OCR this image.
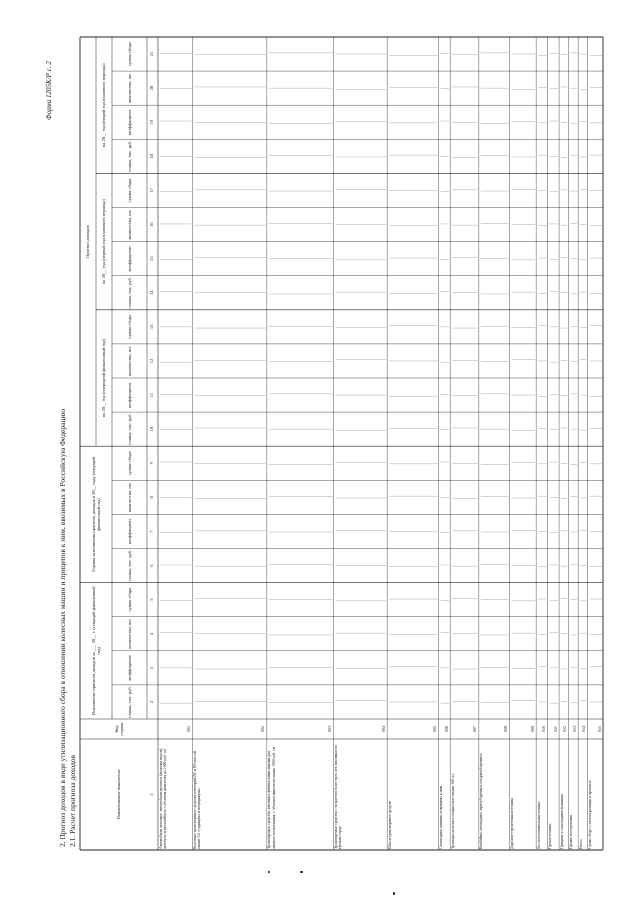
2. Прогноз доходов в виде утилизационного сбора в отношении колесных машин и прицепов к ним, ввозимых в Российскую Федерацию 2.1. Расчет прогноза доходов
Форма 1205К/Р с. 2
Наименование показателя
Код строки
Исполнение прогноза доходов за ___ 20__ г. (текущий финансовый год)
Оценка исполнения прогноза доходов в 20__ году (текущий финансовый год)
Прогноз доходов
на 20__ год (очередной финансовый год)
на 20__ год (первый год планового периода)
на 20__ год (второй год планового периода)
ставка, тыс. руб.
коэффициент
количество, шт.
сумма сбора
ставка, тыс. руб.
коэффициент
количество, шт.
сумма сбора
ставка, тыс. руб.
коэффициент
количество, шт.
сумма сбора
ставка, тыс. руб.
коэффициент
количество, шт.
сумма сбора
ставка, тыс. руб.
коэффициент
количество, шт.
сумма сбора
1
2
3
4
5
6
7
8
9
10
11
12
13
14
15
16
17
18
19
20
21
Автомобили легковые, автомобили грузовые (включая шасси), автобусы и троллейбусы с объемом двигателя до 1000 куб. см
001
Колесные транспортные средства категорий N2 и N3 массой свыше 3,5 т, прицепы и полуприцепы
002
Транспортные средства, ввозимые физическими лицами для личного пользования, с объемом двигателя свыше 1000 куб. см
003
Транспортные средства с возрастом более трех лет, ввозимые из третьих стран
004
Шасси транспортных средств
005
Самоходные машины и прицепы к ним
006
Тракторы колесные мощностью свыше 100 л.с.
007
Комбайны самоходные зерноуборочные и кормоуборочные
008
Дорожно-строительная техника
009
Лесозаготовительная техника
010
Прочая техника
011
Прицепы к самоходным машинам
012
Прочие поступления
013
Итого
014
Сумма сбора с учетом разницы в прогнозе
015
